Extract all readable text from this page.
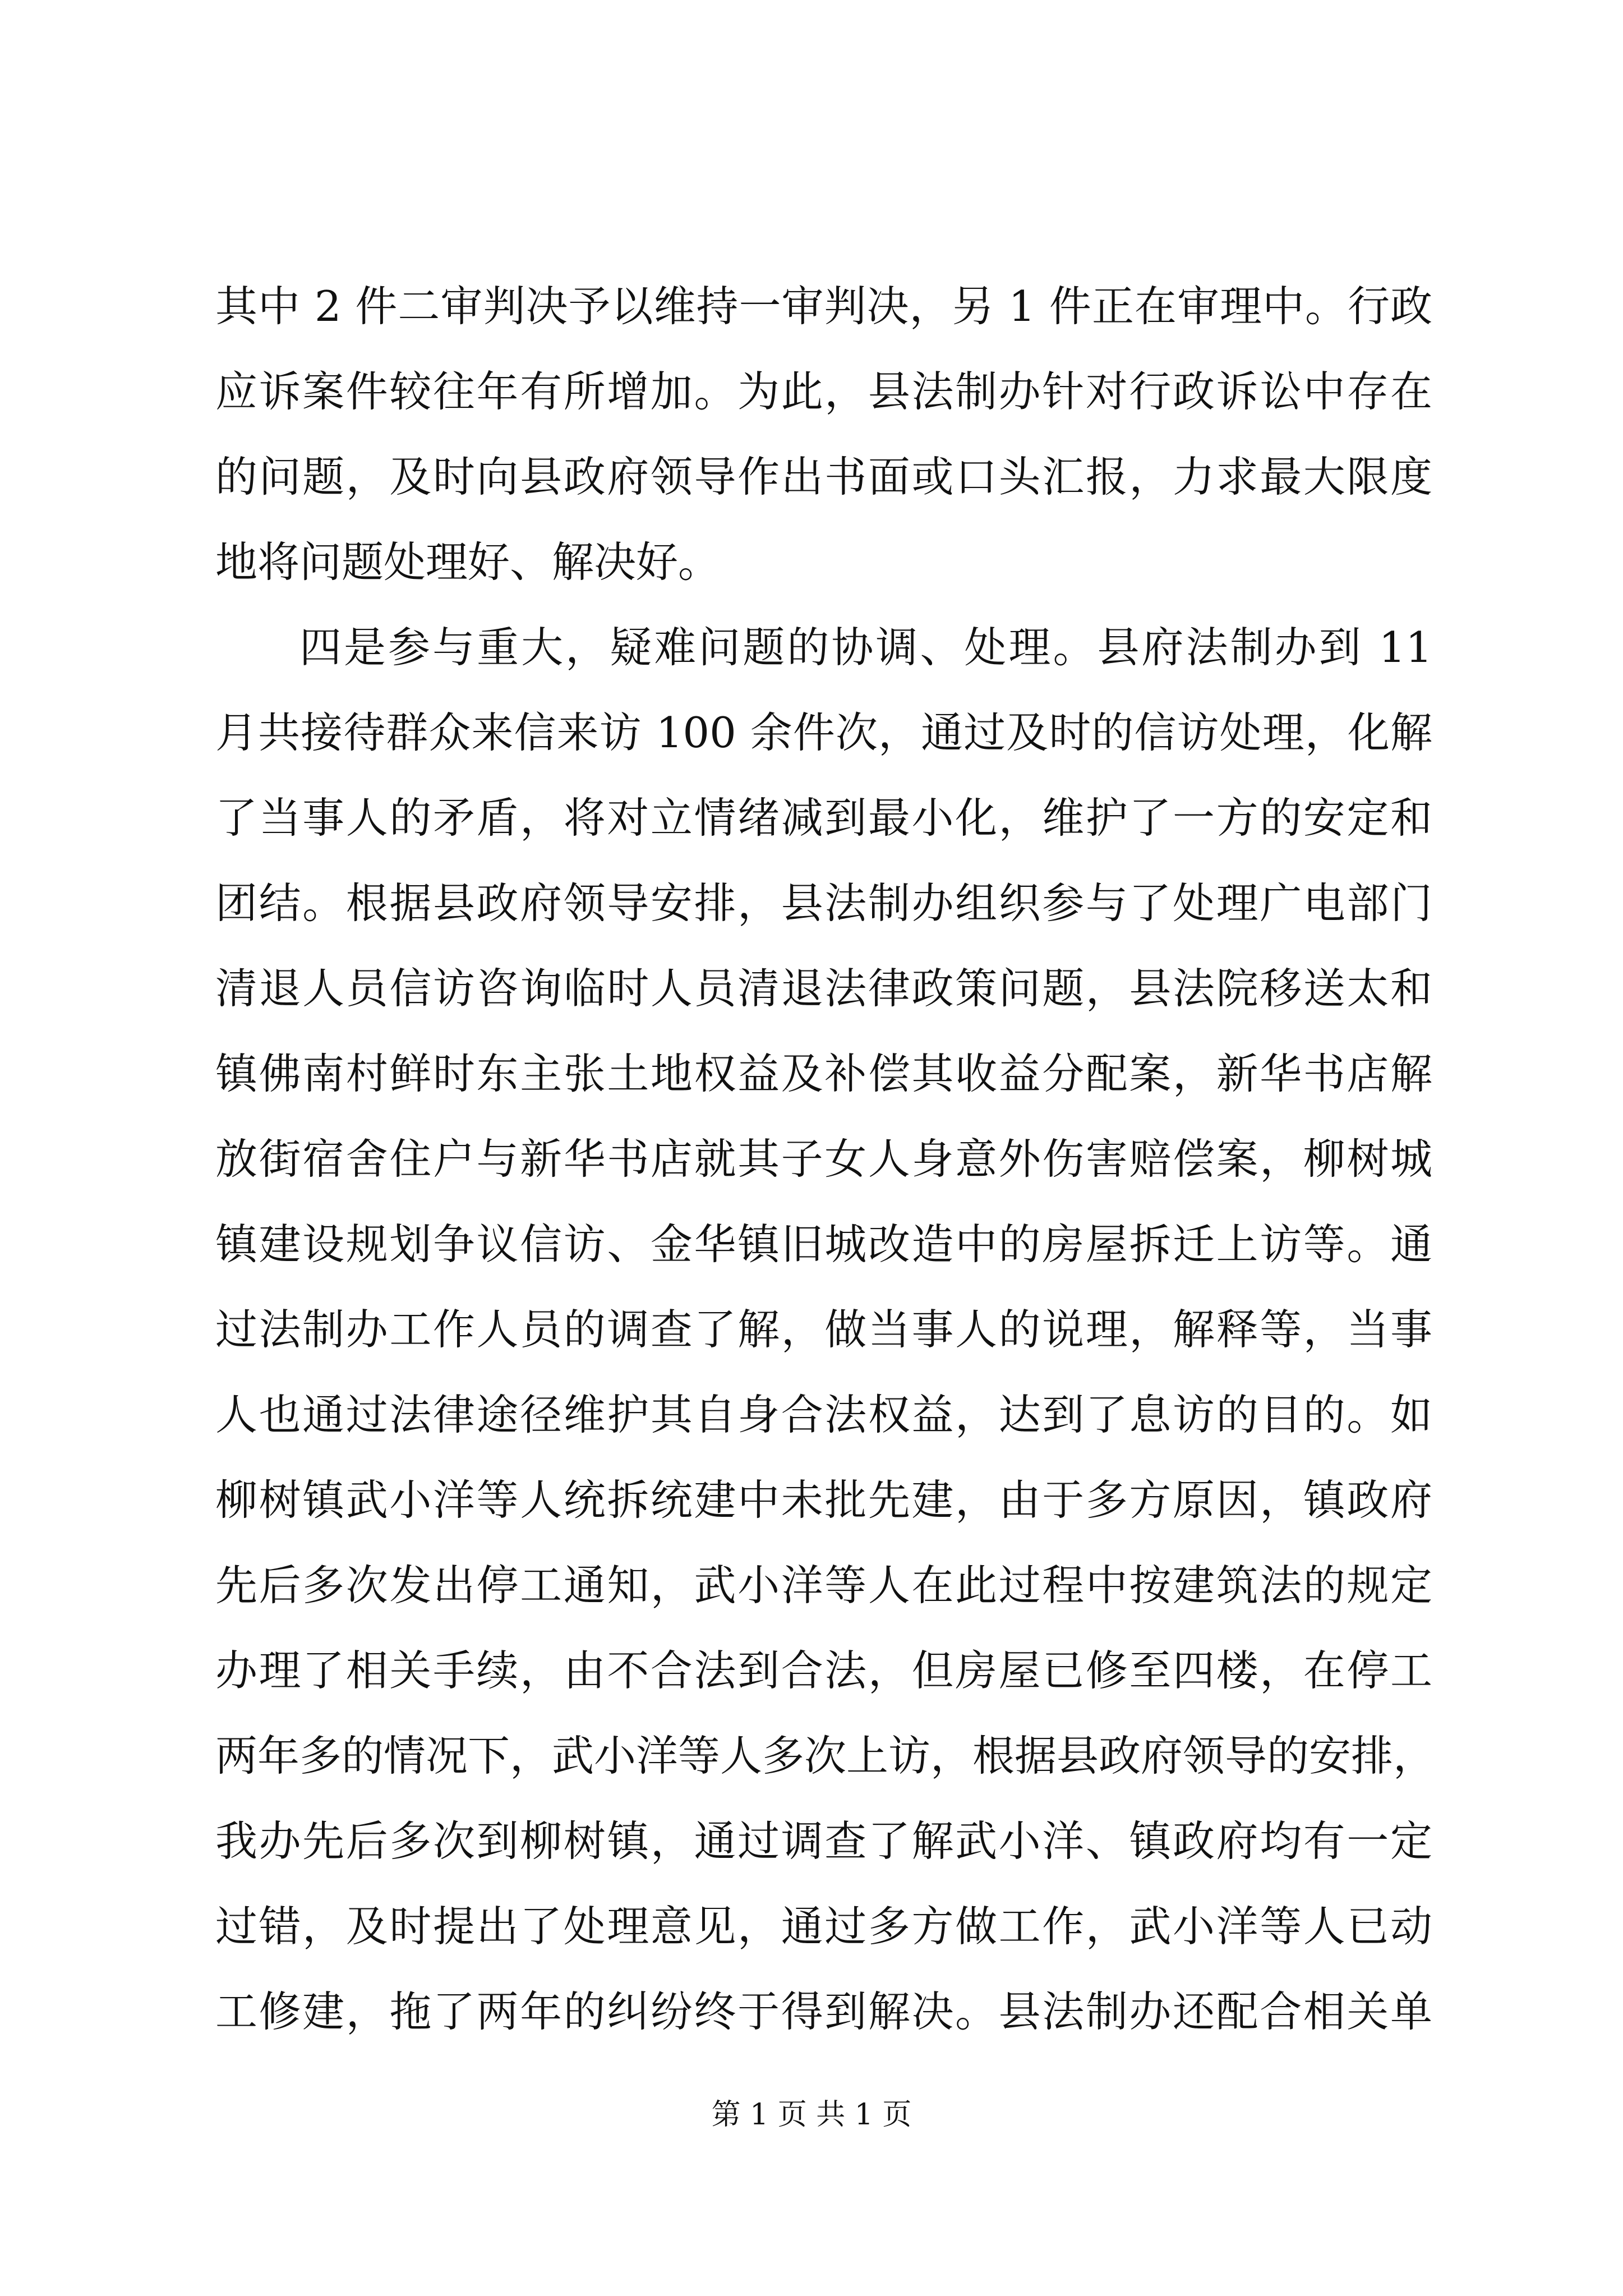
其中 2 件二审判决予以维持一审判决，另 1 件正在审理中。行政
应诉案件较往年有所增加。为此，县法制办针对行政诉讼中存在
的问题，及时向县政府领导作出书面或口头汇报，力求最大限度
地将问题处理好、解决好。
四是参与重大，疑难问题的协调、处理。县府法制办到 11
月共接待群众来信来访 100 余件次，通过及时的信访处理，化解
了当事人的矛盾，将对立情绪减到最小化，维护了一方的安定和
团结。根据县政府领导安排，县法制办组织参与了处理广电部门
清退人员信访咨询临时人员清退法律政策问题，县法院移送太和
镇佛南村鲜时东主张土地权益及补偿其收益分配案，新华书店解
放街宿舍住户与新华书店就其子女人身意外伤害赔偿案，柳树城
镇建设规划争议信访、金华镇旧城改造中的房屋拆迁上访等。通
过法制办工作人员的调查了解，做当事人的说理，解释等，当事
人也通过法律途径维护其自身合法权益，达到了息访的目的。如
柳树镇武小洋等人统拆统建中未批先建，由于多方原因，镇政府
先后多次发出停工通知，武小洋等人在此过程中按建筑法的规定
办理了相关手续，由不合法到合法，但房屋已修至四楼，在停工
两年多的情况下，武小洋等人多次上访，根据县政府领导的安排，
我办先后多次到柳树镇，通过调查了解武小洋、镇政府均有一定
过错，及时提出了处理意见，通过多方做工作，武小洋等人已动
工修建，拖了两年的纠纷终于得到解决。县法制办还配合相关单
第 1 页 共 1 页
